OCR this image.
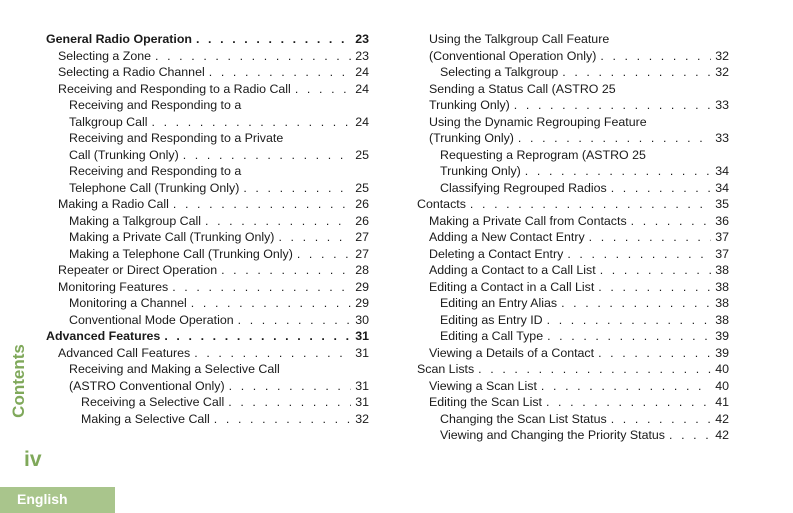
General Radio Operation . . .	23
Selecting a Zone . . .	23
Selecting a Radio Channel . . .	24
Receiving and Responding to a Radio Call . . .	24
Receiving and Responding to a
Talkgroup Call . . .	24
Receiving and Responding to a Private
Call (Trunking Only) . . .	25
Receiving and Responding to a
Telephone Call (Trunking Only) . . .	25
Making a Radio Call . . .	26
Making a Talkgroup Call . . .	26
Making a Private Call (Trunking Only) . . .	27
Making a Telephone Call (Trunking Only) . . .	27
Repeater or Direct Operation . . .	28
Monitoring Features . . .	29
Monitoring a Channel . . .	29
Conventional Mode Operation . . .	30
Advanced Features . . .	31
Advanced Call Features . . .	31
Receiving and Making a Selective Call
(ASTRO Conventional Only) . . .	31
Receiving a Selective Call . . .	31
Making a Selective Call . . .	32
Using the Talkgroup Call Feature
(Conventional Operation Only) . . .	32
Selecting a Talkgroup . . .	32
Sending a Status Call (ASTRO 25
Trunking Only) . . .	33
Using the Dynamic Regrouping Feature
(Trunking Only) . . .	33
Requesting a Reprogram (ASTRO 25
Trunking Only) . . .	34
Classifying Regrouped Radios . . .	34
Contacts . . .	35
Making a Private Call from Contacts . . .	36
Adding a New Contact Entry . . .	37
Deleting a Contact Entry . . .	37
Adding a Contact to a Call List . . .	38
Editing a Contact in a Call List . . .	38
Editing an Entry Alias . . .	38
Editing as Entry ID . . .	38
Editing a Call Type . . .	39
Viewing a Details of a Contact . . .	39
Scan Lists . . .	40
Viewing a Scan List . . .	40
Editing the Scan List . . .	41
Changing the Scan List Status . . .	42
Viewing and Changing the Priority Status . . .	42
Contents
iv
English
